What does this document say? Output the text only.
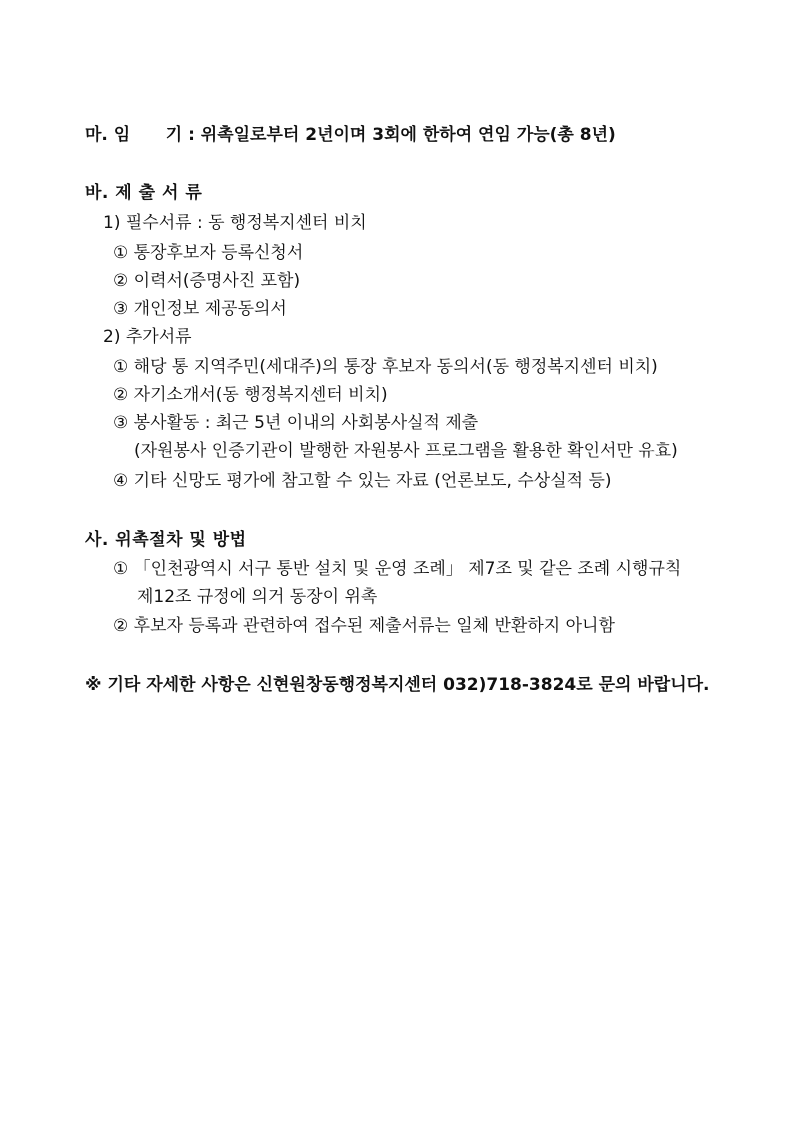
마. 임      기 : 위촉일로부터 2년이며 3회에 한하여 연임 가능(총 8년)
바. 제 출 서 류
1) 필수서류 : 동 행정복지센터 비치
① 통장후보자 등록신청서
② 이력서(증명사진 포함)
③ 개인정보 제공동의서
2) 추가서류
① 해당 통 지역주민(세대주)의 통장 후보자 동의서(동 행정복지센터 비치)
② 자기소개서(동 행정복지센터 비치)
③ 봉사활동 : 최근 5년 이내의 사회봉사실적 제출
(자원봉사 인증기관이 발행한 자원봉사 프로그램을 활용한 확인서만 유효)
④ 기타 신망도 평가에 참고할 수 있는 자료 (언론보도, 수상실적 등)
사. 위촉절차 및 방법
① 「인천광역시 서구 통반 설치 및 운영 조례」 제7조 및 같은 조례 시행규칙
제12조 규정에 의거 동장이 위촉
② 후보자 등록과 관련하여 접수된 제출서류는 일체 반환하지 아니함
※ 기타 자세한 사항은 신현원창동행정복지센터 032)718-3824로 문의 바랍니다.
